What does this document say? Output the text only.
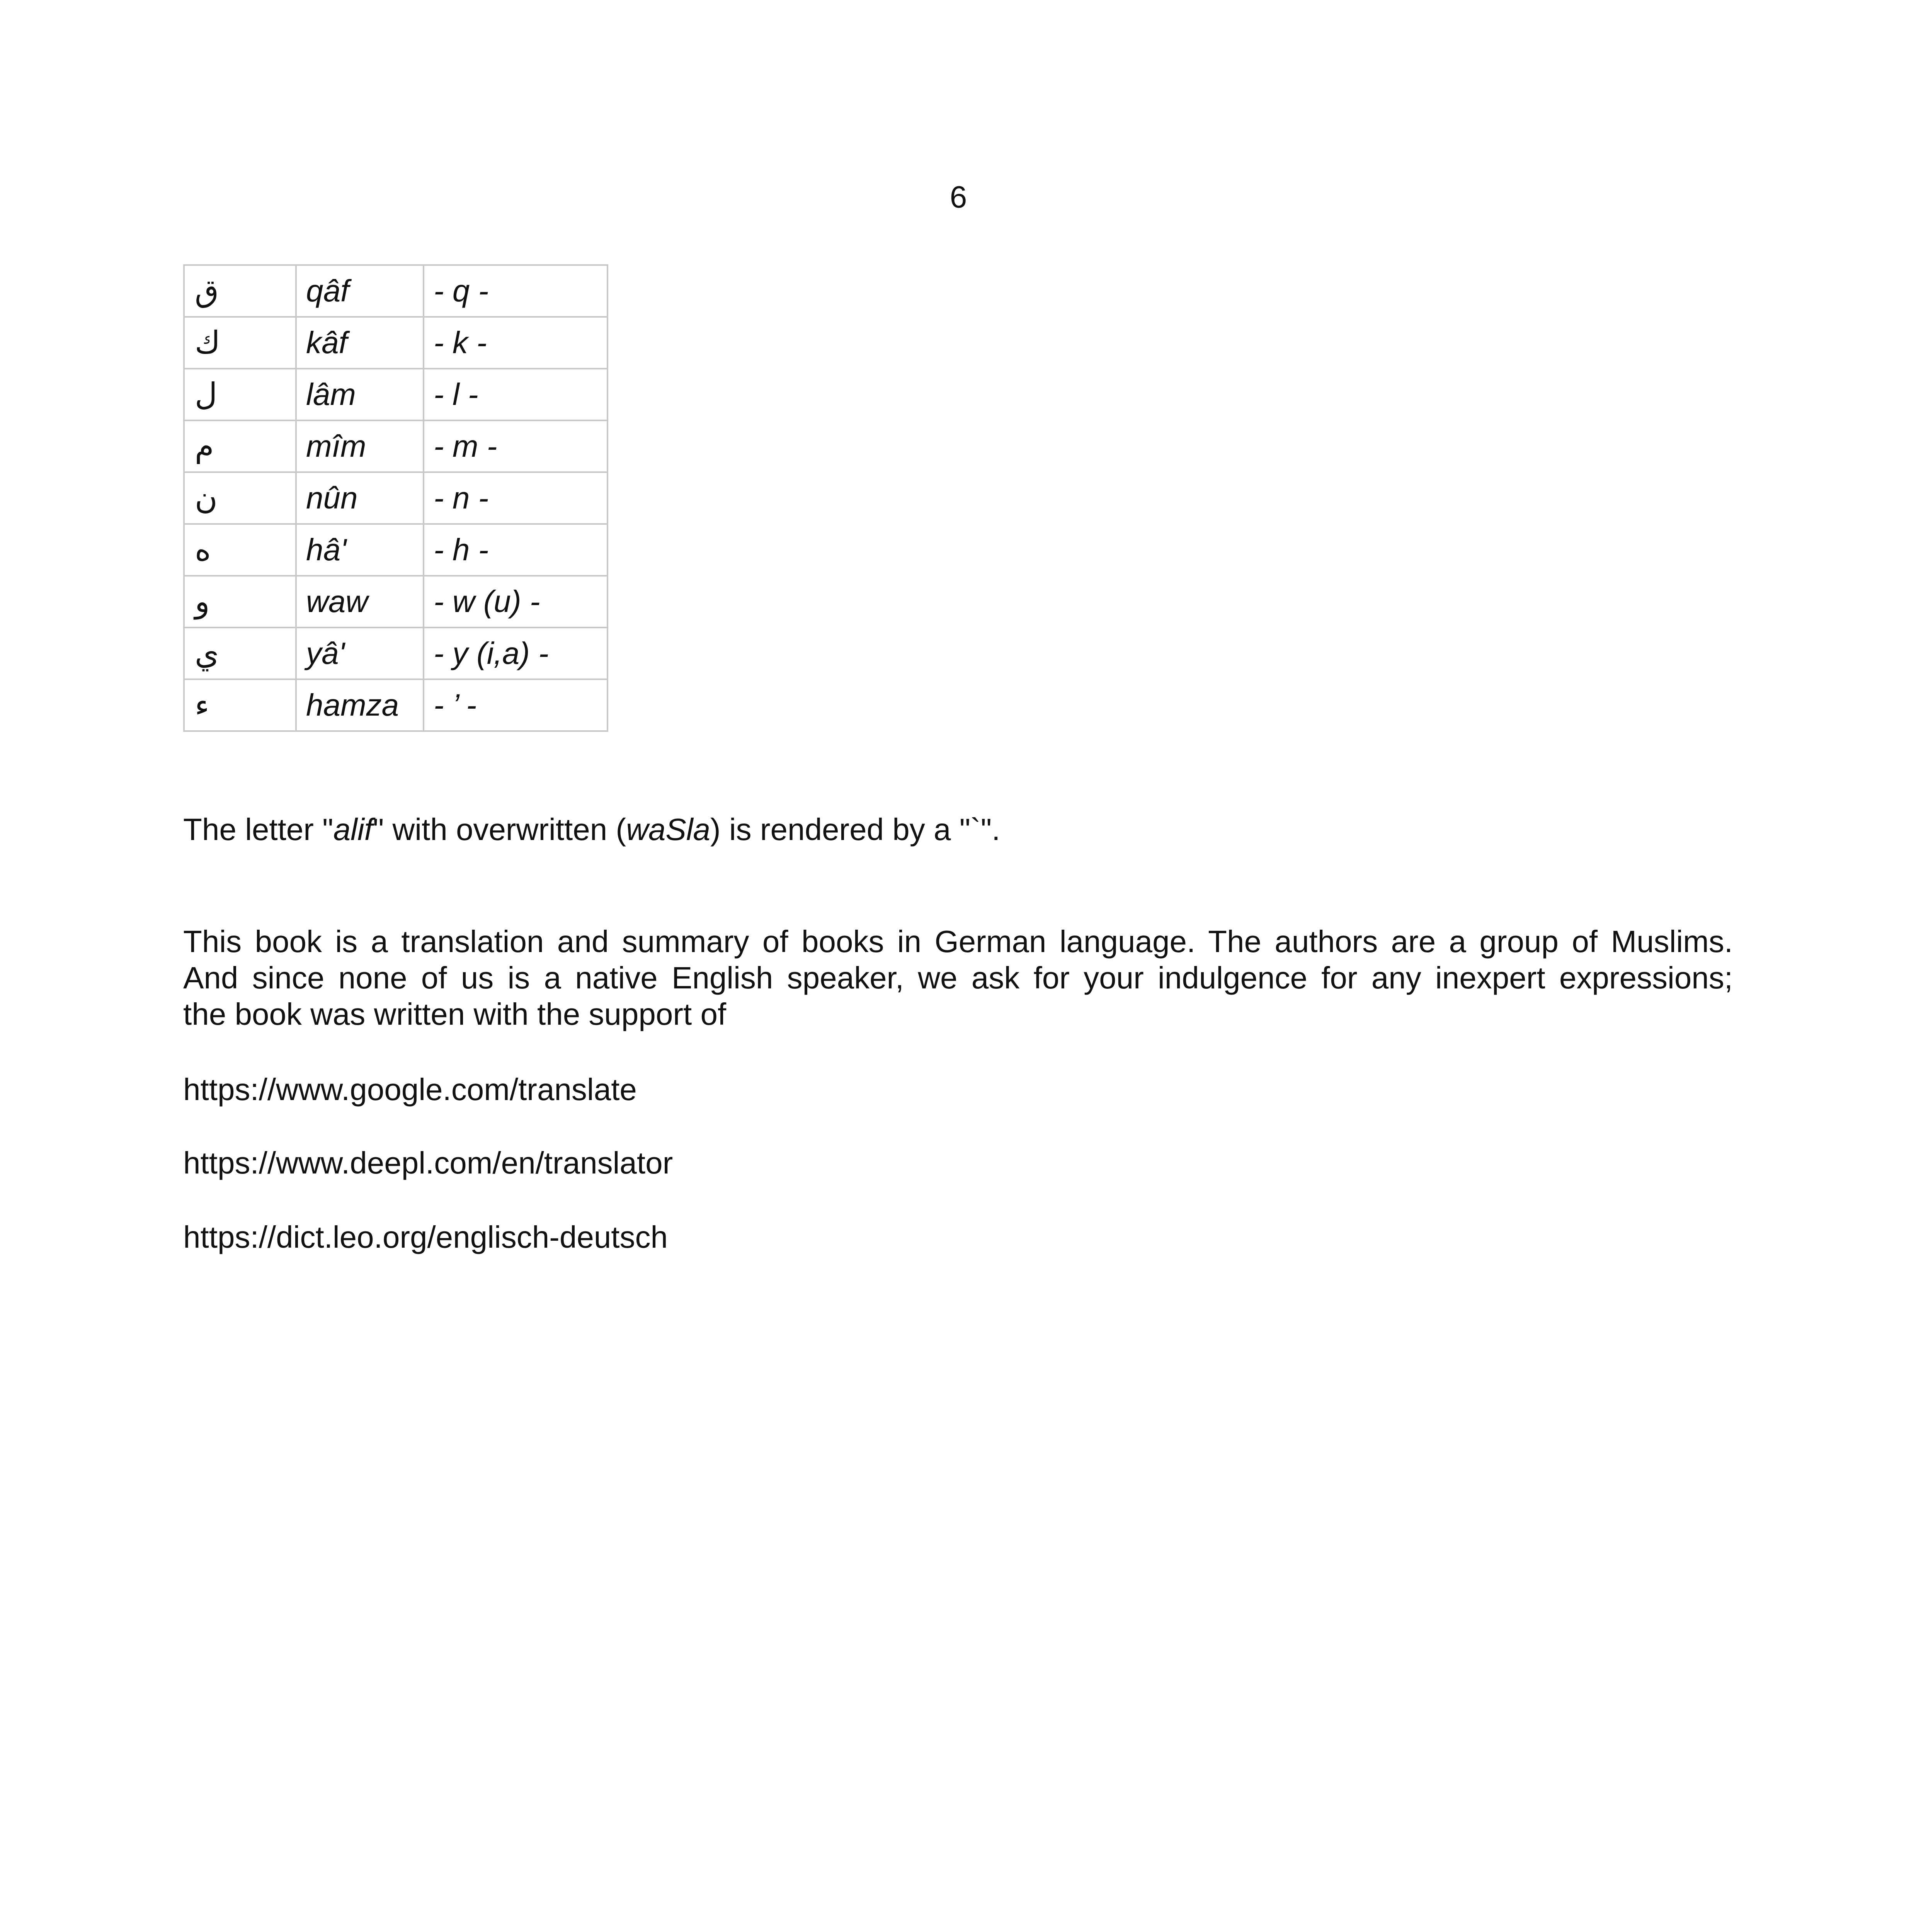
6
ق	qâf	- q -
ك	kâf	- k -
ل	lâm	- l -
م	mîm	- m -
ن	nûn	- n -
ه	hâ'	- h -
و	waw	- w (u) -
ي	yâ'	- y (i,a) -
ء	hamza	- ’ -

The letter "alif" with overwritten (waSla) is rendered by a "`".

This book is a translation and summary of books in German language. The authors are a group of Muslims.
And since none of us is a native English speaker, we ask for your indulgence for any inexpert expressions;
the book was written with the support of

https://www.google.com/translate
https://www.deepl.com/en/translator
https://dict.leo.org/englisch-deutsch
